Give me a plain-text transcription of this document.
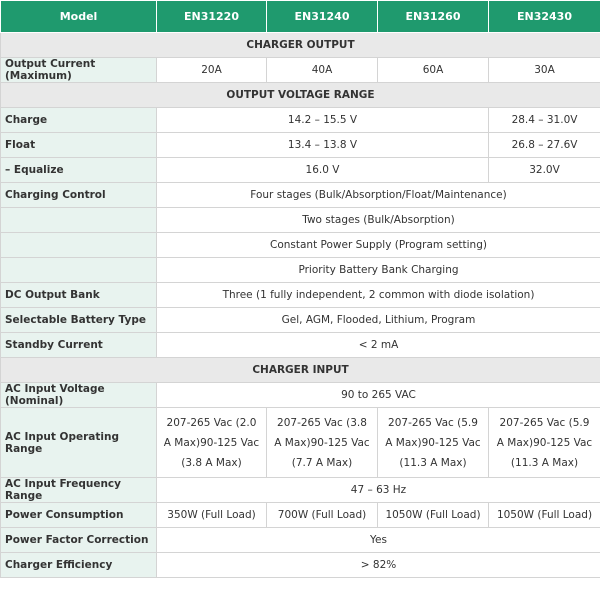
Model	EN31220	EN31240	EN31260	EN32430
CHARGER OUTPUT				
Output Current (Maximum)	20A	40A	60A	30A
OUTPUT VOLTAGE RANGE				
Charge	14.2 – 15.5 V			28.4 – 31.0V
Float	13.4 – 13.8 V			26.8 – 27.6V
– Equalize	16.0 V			32.0V
Charging Control	Four stages (Bulk/Absorption/Float/Maintenance)			
	Two stages (Bulk/Absorption)			
	Constant Power Supply (Program setting)			
	Priority Battery Bank Charging			
DC Output Bank	Three (1 fully independent, 2 common with diode isolation)			
Selectable Battery Type	Gel, AGM, Flooded, Lithium, Program			
Standby Current	< 2 mA			
CHARGER INPUT				
AC Input Voltage (Nominal)	90 to 265 VAC			
AC Input Operating Range	207-265 Vac (2.0 A Max)90-125 Vac (3.8 A Max)	207-265 Vac (3.8 A Max)90-125 Vac (7.7 A Max)	207-265 Vac (5.9 A Max)90-125 Vac (11.3 A Max)	207-265 Vac (5.9 A Max)90-125 Vac (11.3 A Max)
AC Input Frequency Range	47 – 63 Hz			
Power Consumption	350W (Full Load)	700W (Full Load)	1050W (Full Load)	1050W (Full Load)
Power Factor Correction	Yes			
Charger Efficiency	> 82%			
